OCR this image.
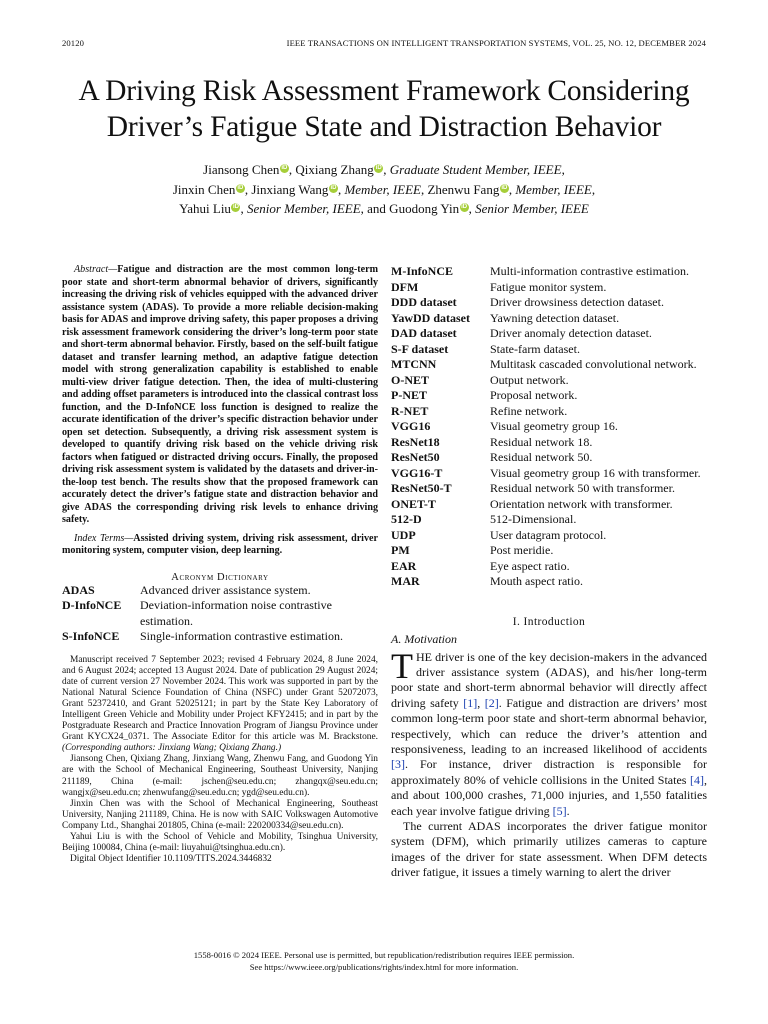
20120	IEEE TRANSACTIONS ON INTELLIGENT TRANSPORTATION SYSTEMS, VOL. 25, NO. 12, DECEMBER 2024
A Driving Risk Assessment Framework Considering
Driver’s Fatigue State and Distraction Behavior
Jiansong Chen iD , Qixiang Zhang iD , Graduate Student Member, IEEE,
Jinxin Chen iD , Jinxiang Wang iD , Member, IEEE, Zhenwu Fang iD , Member, IEEE,
Yahui Liu iD , Senior Member, IEEE, and Guodong Yin iD , Senior Member, IEEE

Abstract—Fatigue and distraction are the most common long-term poor state and short-term abnormal behavior of drivers, significantly increasing the driving risk of vehicles equipped with the advanced driver assistance system (ADAS). To provide a more reliable decision-making basis for ADAS and improve driving safety, this paper proposes a driving risk assessment framework considering the driver’s long-term poor state and short-term abnormal behavior. Firstly, based on the self-built fatigue dataset and transfer learning method, an adaptive fatigue detection model with strong generalization capability is established to enable multi-view driver fatigue detection. Then, the idea of multi-clustering and adding offset parameters is introduced into the classical contrast loss function, and the D-InfoNCE loss function is designed to realize the accurate identification of the driver’s specific distraction behavior under open set detection. Subsequently, a driving risk assessment system is developed to quantify driving risk based on the vehicle driving risk factors when fatigued or distracted driving occurs. Finally, the proposed driving risk assessment system is validated by the datasets and driver-in-the-loop test bench. The results show that the proposed framework can accurately detect the driver’s fatigue state and distraction behavior and give ADAS the corresponding driving risk levels to enhance driving safety.

Index Terms—Assisted driving system, driving risk assessment, driver monitoring system, computer vision, deep learning.

Acronym Dictionary
ADAS	Advanced driver assistance system.
D-InfoNCE	Deviation-information noise contrastive estimation.
S-InfoNCE	Single-information contrastive estimation.

Manuscript received 7 September 2023; revised 4 February 2024, 8 June 2024, and 6 August 2024; accepted 13 August 2024. Date of publication 29 August 2024; date of current version 27 November 2024. This work was supported in part by the National Natural Science Foundation of China (NSFC) under Grant 52072073, Grant 52372410, and Grant 52025121; in part by the State Key Laboratory of Intelligent Green Vehicle and Mobility under Project KFY2415; and in part by the Postgraduate Research and Practice Innovation Program of Jiangsu Province under Grant KYCX24_0371. The Associate Editor for this article was M. Brackstone. (Corresponding authors: Jinxiang Wang; Qixiang Zhang.)

Jiansong Chen, Qixiang Zhang, Jinxiang Wang, Zhenwu Fang, and Guodong Yin are with the School of Mechanical Engineering, Southeast University, Nanjing 211189, China (e-mail: jschen@seu.edu.cn; zhangqx@seu.edu.cn; wangjx@seu.edu.cn; zhenwufang@seu.edu.cn; ygd@seu.edu.cn).

Jinxin Chen was with the School of Mechanical Engineering, Southeast University, Nanjing 211189, China. He is now with SAIC Volkswagen Automotive Company Ltd., Shanghai 201805, China (e-mail: 220200334@seu.edu.cn).

Yahui Liu is with the School of Vehicle and Mobility, Tsinghua University, Beijing 100084, China (e-mail: liuyahui@tsinghua.edu.cn).

Digital Object Identifier 10.1109/TITS.2024.3446832

M-InfoNCE	Multi-information contrastive estimation.
DFM	Fatigue monitor system.
DDD dataset	Driver drowsiness detection dataset.
YawDD dataset	Yawning detection dataset.
DAD dataset	Driver anomaly detection dataset.
S-F dataset	State-farm dataset.
MTCNN	Multitask cascaded convolutional network.
O-NET	Output network.
P-NET	Proposal network.
R-NET	Refine network.
VGG16	Visual geometry group 16.
ResNet18	Residual network 18.
ResNet50	Residual network 50.
VGG16-T	Visual geometry group 16 with transformer.
ResNet50-T	Residual network 50 with transformer.
ONET-T	Orientation network with transformer.
512-D	512-Dimensional.
UDP	User datagram protocol.
PM	Post meridie.
EAR	Eye aspect ratio.
MAR	Mouth aspect ratio.
I. Introduction
A. Motivation

THE driver is one of the key decision-makers in the advanced driver assistance system (ADAS), and his/her long-term poor state and short-term abnormal behavior will directly affect driving safety [1], [2]. Fatigue and distraction are drivers’ most common long-term poor state and short-term abnormal behavior, respectively, which can reduce the driver’s attention and responsiveness, leading to an increased likelihood of accidents [3]. For instance, driver distraction is responsible for approximately 80% of vehicle collisions in the United States [4], and about 100,000 crashes, 71,000 injuries, and 1,550 fatalities each year involve fatigue driving [5].

The current ADAS incorporates the driver fatigue monitor system (DFM), which primarily utilizes cameras to capture images of the driver for state assessment. When DFM detects driver fatigue, it issues a timely warning to alert the driver

1558-0016 © 2024 IEEE. Personal use is permitted, but republication/redistribution requires IEEE permission.
See https://www.ieee.org/publications/rights/index.html for more information.
